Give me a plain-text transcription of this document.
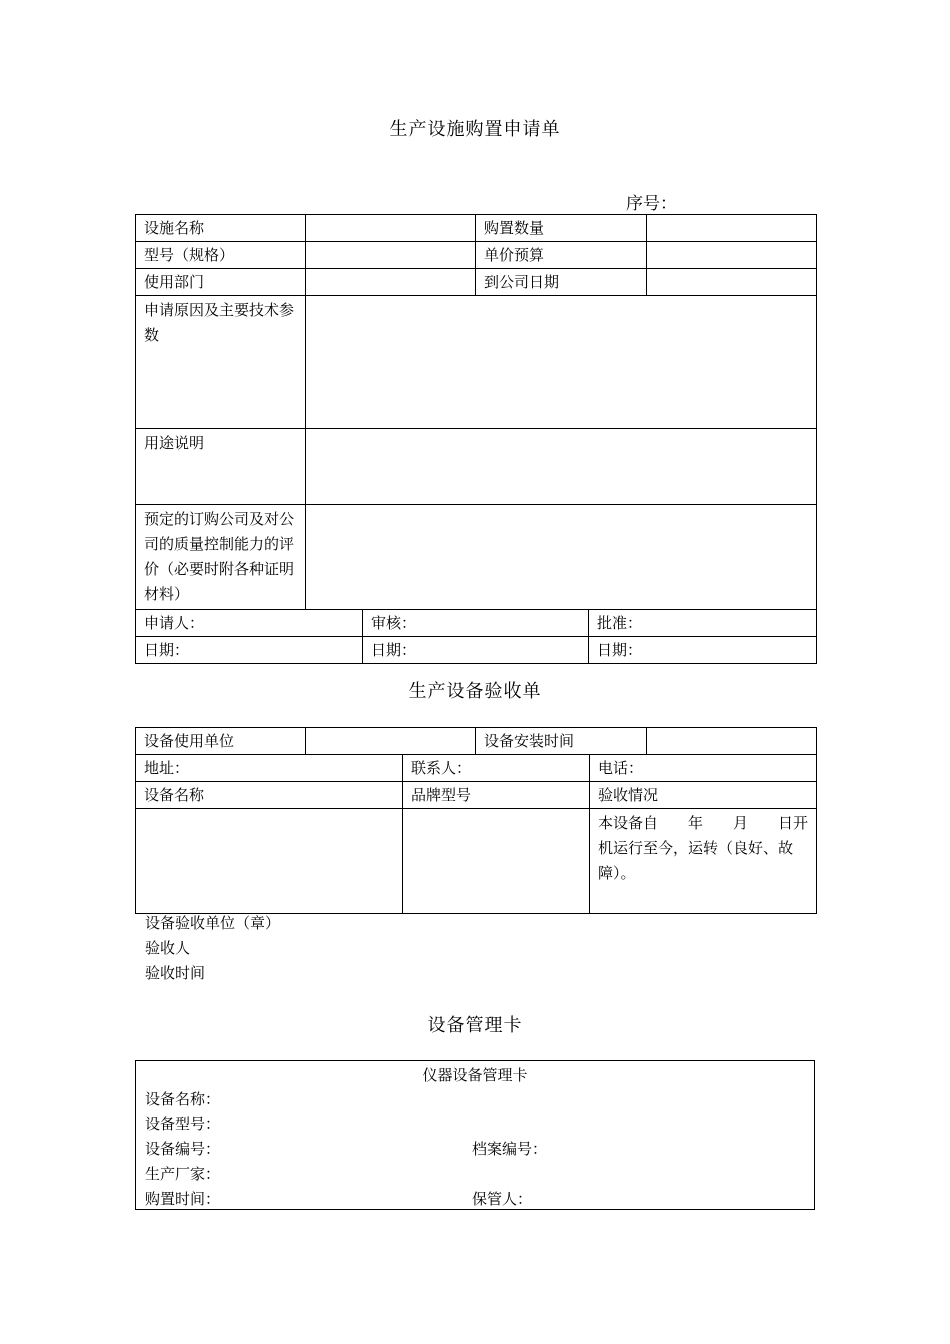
生产设施购置申请单
序号：
设施名称			购置数量		
型号（规格）			单价预算		
使用部门			到公司日期		
申请原因及主要技术参数					
用途说明					
预定的订购公司及对公司的质量控制能力的评价（必要时附各种证明材料）					
申请人：		审核：		批准：	
日期：		日期：		日期：	
生产设备验收单
设备使用单位			设备安装时间		
地址：		联系人：		电话：	
设备名称		品牌型号		验收情况	

				本设备自 年 月 日开
机运行至今，运转（良好、故障）。	
设备验收单位（章）
验收人
验收时间
设备管理卡
仪器设备管理卡
设备名称：
设备型号：
设备编号：	档案编号：
生产厂家：
购置时间：	保管人：
